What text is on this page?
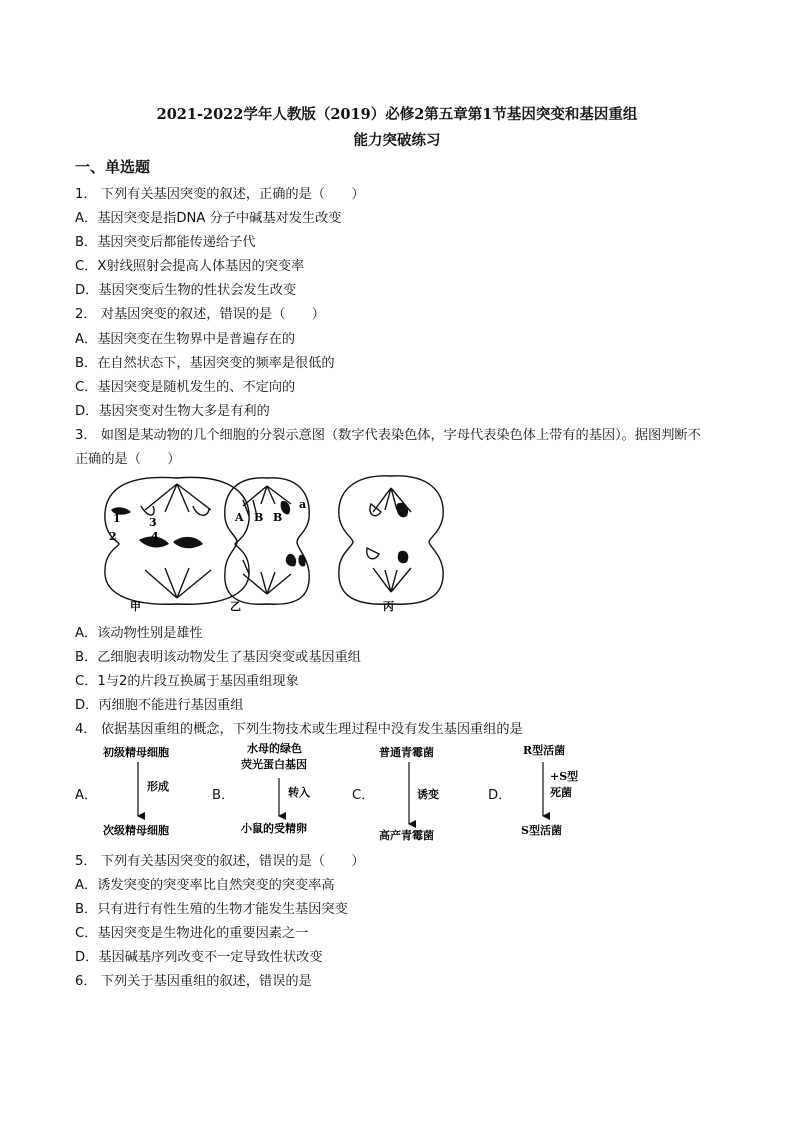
2021-2022学年人教版（2019）必修2第五章第1节基因突变和基因重组
能力突破练习
一、单选题
1． 下列有关基因突变的叙述，正确的是（　　）
A．基因突变是指DNA 分子中碱基对发生改变
B．基因突变后都能传递给子代
C．X射线照射会提高人体基因的突变率
D．基因突变后生物的性状会发生改变
2． 对基因突变的叙述，错误的是（　　）
A．基因突变在生物界中是普遍存在的
B．在自然状态下，基因突变的频率是很低的
C．基因突变是随机发生的、不定向的
D．基因突变对生物大多是有利的
3． 如图是某动物的几个细胞的分裂示意图（数字代表染色体，字母代表染色体上带有的基因）。据图判断不
正确的是（　　）
1	3
2	4
A B B
a
甲	乙	丙
A．该动物性别是雄性
B．乙细胞表明该动物发生了基因突变或基因重组
C．1与2的片段互换属于基因重组现象
D．丙细胞不能进行基因重组
4． 依据基因重组的概念，下列生物技术或生理过程中没有发生基因重组的是
A．	B．	C．	D．
初级精母细胞
形成
次级精母细胞
水母的绿色
荧光蛋白基因
转入
小鼠的受精卵
普通青霉菌
诱变
高产青霉菌
R型活菌
+S型
死菌
S型活菌
5． 下列有关基因突变的叙述，错误的是（　　）
A．诱发突变的突变率比自然突变的突变率高
B．只有进行有性生殖的生物才能发生基因突变
C．基因突变是生物进化的重要因素之一
D．基因碱基序列改变不一定导致性状改变
6． 下列关于基因重组的叙述，错误的是
